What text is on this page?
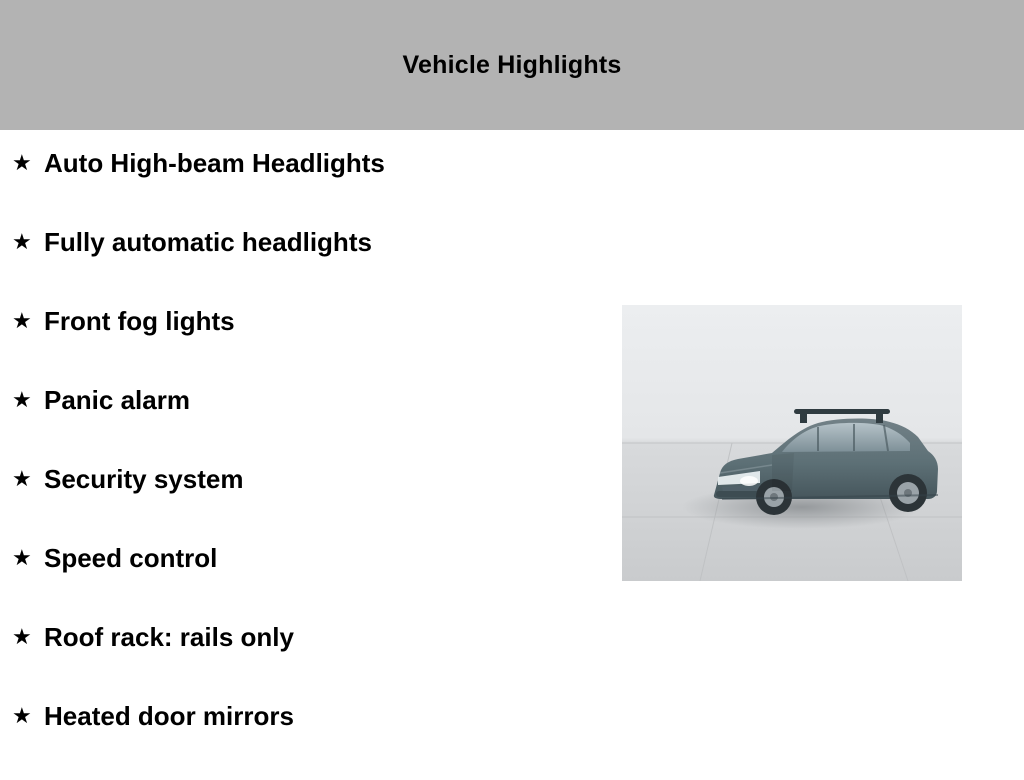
Vehicle Highlights
★ Auto High-beam Headlights
★ Fully automatic headlights
★ Front fog lights
★ Panic alarm
★ Security system
★ Speed control
★ Roof rack: rails only
★ Heated door mirrors
